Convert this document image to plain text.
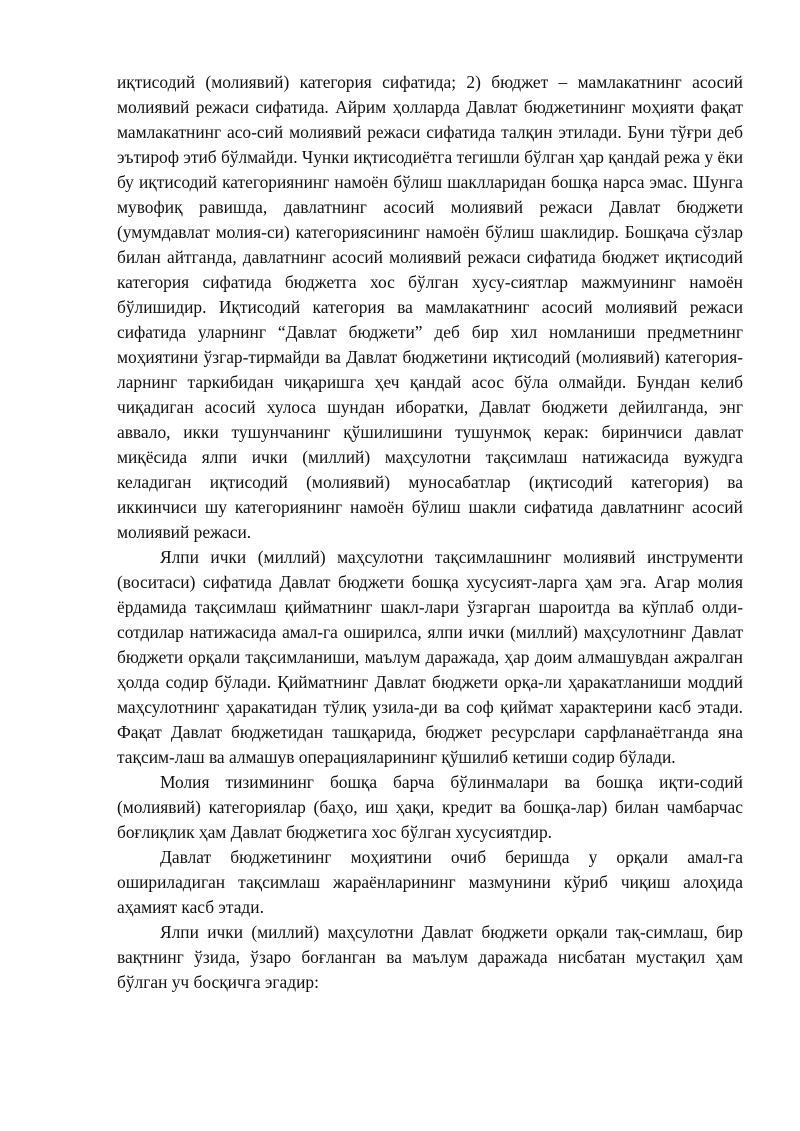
иқтисодий (молиявий) категория сифатида; 2) бюджет – мамлакатнинг асосий молиявий режаси сифатида. Айрим ҳолларда Давлат бюджетининг моҳияти фақат мамлакатнинг асо-сий молиявий режаси сифатида талқин этилади. Буни тўғри деб эътироф этиб бўлмайди. Чунки иқтисодиётга тегишли бўлган ҳар қандай режа у ёки бу иқтисодий категориянинг намоён бўлиш шаклларидан бошқа нарса эмас. Шунга мувофиқ равишда, давлатнинг асосий молиявий режаси Давлат бюджети (умумдавлат молия-си) категориясининг намоён бўлиш шаклидир. Бошқача сўзлар билан айтганда, давлатнинг асосий молиявий режаси сифатида бюджет иқтисодий категория сифатида бюджетга хос бўлган хусу-сиятлар мажмуининг намоён бўлишидир. Иқтисодий категория ва мамлакатнинг асосий молиявий режаси сифатида уларнинг “Давлат бюджети” деб бир хил номланиши предметнинг моҳиятини ўзгар-тирмайди ва Давлат бюджетини иқтисодий (молиявий) категория-ларнинг таркибидан чиқаришга ҳеч қандай асос бўла олмайди. Бундан келиб чиқадиган асосий хулоса шундан иборатки, Давлат бюджети дейилганда, энг аввало, икки тушунчанинг қўшилишини тушунмоқ керак: биринчиси давлат миқёсида ялпи ички (миллий) маҳсулотни тақсимлаш натижасида вужудга келадиган иқтисодий (молиявий) муносабатлар (иқтисодий категория) ва иккинчиси шу категориянинг намоён бўлиш шакли сифатида давлатнинг асосий молиявий режаси.

Ялпи ички (миллий) маҳсулотни тақсимлашнинг молиявий инструменти (воситаси) сифатида Давлат бюджети бошқа хусусият-ларга ҳам эга. Агар молия ёрдамида тақсимлаш қийматнинг шакл-лари ўзгарган шароитда ва кўплаб олди-сотдилар натижасида амал-га оширилса, ялпи ички (миллий) маҳсулотнинг Давлат бюджети орқали тақсимланиши, маълум даражада, ҳар доим алмашувдан ажралган ҳолда содир бўлади. Қийматнинг Давлат бюджети орқа-ли ҳаракатланиши моддий маҳсулотнинг ҳаракатидан тўлиқ узила-ди ва соф қиймат характерини касб этади. Фақат Давлат бюджетидан ташқарида, бюджет ресурслари сарфланаётганда яна тақсим-лаш ва алмашув операцияларининг қўшилиб кетиши содир бўлади.

Молия тизимининг бошқа барча бўлинмалари ва бошқа иқти-содий (молиявий) категориялар (баҳо, иш ҳақи, кредит ва бошқа-лар) билан чамбарчас боғлиқлик ҳам Давлат бюджетига хос бўлган хусусиятдир.

Давлат бюджетининг моҳиятини очиб беришда у орқали амал-га ошириладиган тақсимлаш жараёнларининг мазмунини кўриб чиқиш алоҳида аҳамият касб этади.

Ялпи ички (миллий) маҳсулотни Давлат бюджети орқали тақ-симлаш, бир вақтнинг ўзида, ўзаро боғланган ва маълум даражада нисбатан мустақил ҳам бўлган уч босқичга эгадир:
